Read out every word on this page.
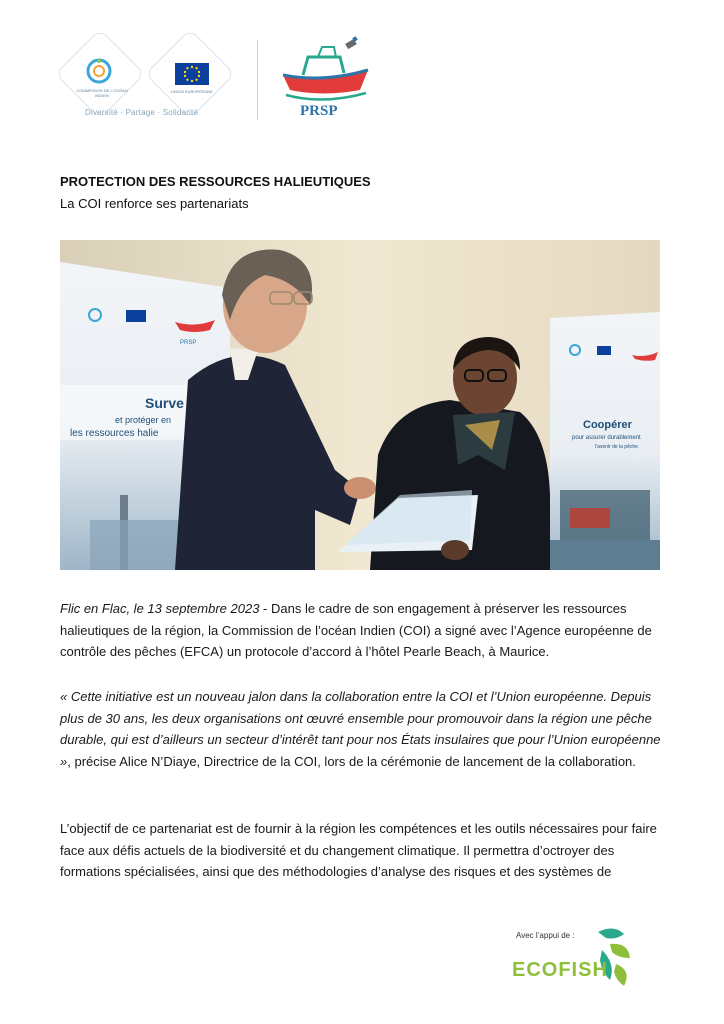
COMMISSION DE L'OCÉAN INDIEN
UNION EUROPÉENNE
Diversité · Partage · Solidarité	PRSP
PROTECTION DES RESSOURCES HALIEUTIQUES
La COI renforce ses partenariats
Surve
et protéger en
les ressources halie
PRSP
Coopérer
pour assurer durablement
l'avenir de la pêche
Flic en Flac, le 13 septembre 2023 - Dans le cadre de son engagement à préserver les ressources halieutiques de la région, la Commission de l’océan Indien (COI) a signé avec l’Agence européenne de contrôle des pêches (EFCA) un protocole d’accord à l’hôtel Pearle Beach, à Maurice.
« Cette initiative est un nouveau jalon dans la collaboration entre la COI et l’Union européenne. Depuis plus de 30 ans, les deux organisations ont œuvré ensemble pour promouvoir dans la région une pêche durable, qui est d’ailleurs un secteur d’intérêt tant pour nos États insulaires que pour l’Union européenne », précise Alice N’Diaye, Directrice de la COI, lors de la cérémonie de lancement de la collaboration.
L’objectif de ce partenariat est de fournir à la région les compétences et les outils nécessaires pour faire face aux défis actuels de la biodiversité et du changement climatique. Il permettra d’octroyer des formations spécialisées, ainsi que des méthodologies d’analyse des risques et des systèmes de
Avec l’appui de :
ECOFISH
